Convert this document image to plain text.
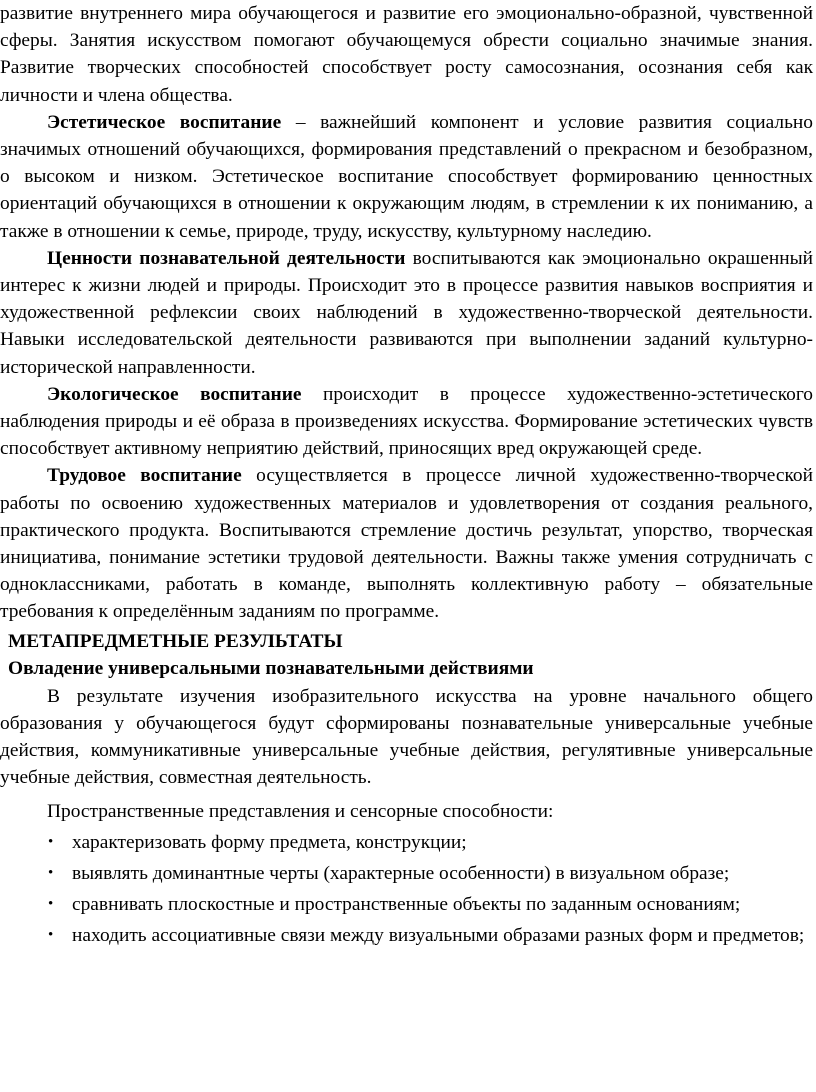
развитие внутреннего мира обучающегося и развитие его эмоционально-образной, чувственной сферы. Занятия искусством помогают обучающемуся обрести социально значимые знания. Развитие творческих способностей способствует росту самосознания, осознания себя как личности и члена общества.

Эстетическое воспитание – важнейший компонент и условие развития социально значимых отношений обучающихся, формирования представлений о прекрасном и безобразном, о высоком и низком. Эстетическое воспитание способствует формированию ценностных ориентаций обучающихся в отношении к окружающим людям, в стремлении к их пониманию, а также в отношении к семье, природе, труду, искусству, культурному наследию.

Ценности познавательной деятельности воспитываются как эмоционально окрашенный интерес к жизни людей и природы. Происходит это в процессе развития навыков восприятия и художественной рефлексии своих наблюдений в художественно-творческой деятельности. Навыки исследовательской деятельности развиваются при выполнении заданий культурно-исторической направленности.

Экологическое воспитание происходит в процессе художественно-эстетического наблюдения природы и её образа в произведениях искусства. Формирование эстетических чувств способствует активному неприятию действий, приносящих вред окружающей среде.

Трудовое воспитание осуществляется в процессе личной художественно-творческой работы по освоению художественных материалов и удовлетворения от создания реального, практического продукта. Воспитываются стремление достичь результат, упорство, творческая инициатива, понимание эстетики трудовой деятельности. Важны также умения сотрудничать с одноклассниками, работать в команде, выполнять коллективную работу – обязательные требования к определённым заданиям по программе.

МЕТАПРЕДМЕТНЫЕ РЕЗУЛЬТАТЫ
Овладение универсальными познавательными действиями

В результате изучения изобразительного искусства на уровне начального общего образования у обучающегося будут сформированы познавательные универсальные учебные действия, коммуникативные универсальные учебные действия, регулятивные универсальные учебные действия, совместная деятельность.

Пространственные представления и сенсорные способности:

• характеризовать форму предмета, конструкции;
• выявлять доминантные черты (характерные особенности) в визуальном образе;
• сравнивать плоскостные и пространственные объекты по заданным основаниям;
• находить ассоциативные связи между визуальными образами разных форм и предметов;
